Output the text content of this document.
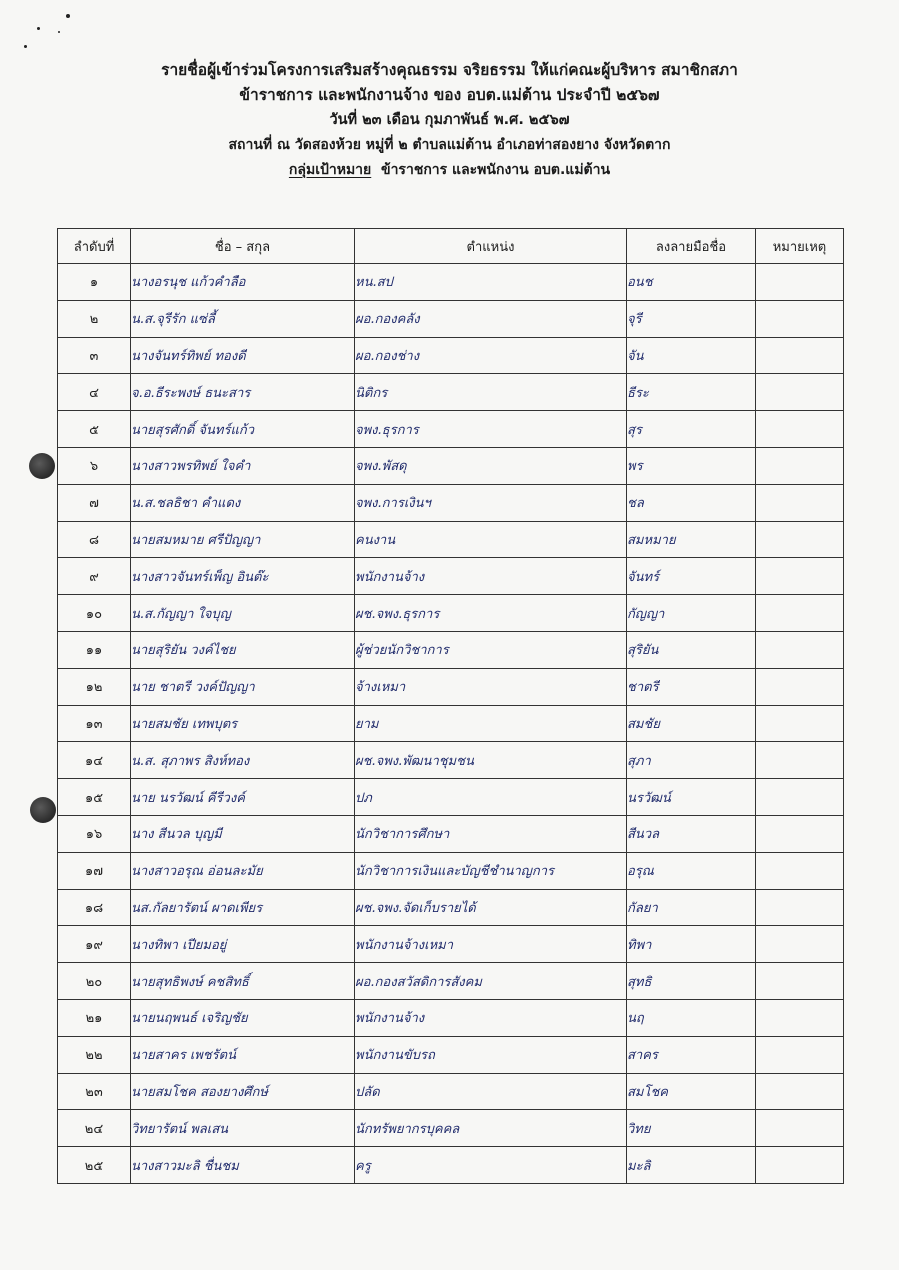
รายชื่อผู้เข้าร่วมโครงการเสริมสร้างคุณธรรม จริยธรรม ให้แก่คณะผู้บริหาร สมาชิกสภา
ข้าราชการ และพนักงานจ้าง ของ อบต.แม่ต้าน ประจำปี ๒๕๖๗
วันที่ ๒๓ เดือน กุมภาพันธ์ พ.ศ. ๒๕๖๗
สถานที่ ณ วัดสองห้วย หมู่ที่ ๒ ตำบลแม่ต้าน อำเภอท่าสองยาง จังหวัดตาก
กลุ่มเป้าหมาย ข้าราชการ และพนักงาน อบต.แม่ต้าน
ลำดับที่	ชื่อ – สกุล	ตำแหน่ง	ลงลายมือชื่อ	หมายเหตุ
๑	นางอรนุช แก้วคำลือ	หน.สป	อนช	
๒	น.ส.จุรีรัก แซ่ลี้	ผอ.กองคลัง	จุรี	
๓	นางจันทร์ทิพย์ ทองดี	ผอ.กองช่าง	จัน	
๔	จ.อ.ธีระพงษ์ ธนะสาร	นิติกร	ธีระ	
๕	นายสุรศักดิ์ จันทร์แก้ว	จพง.ธุรการ	สุร	
๖	นางสาวพรทิพย์ ใจคำ	จพง.พัสดุ	พร	
๗	น.ส.ชลธิชา คำแดง	จพง.การเงินฯ	ชล	
๘	นายสมหมาย ศรีปัญญา	คนงาน	สมหมาย	
๙	นางสาวจันทร์เพ็ญ อินต๊ะ	พนักงานจ้าง	จันทร์	
๑๐	น.ส.กัญญา ใจบุญ	ผช.จพง.ธุรการ	กัญญา	
๑๑	นายสุริยัน วงค์ไชย	ผู้ช่วยนักวิชาการ	สุริยัน	
๑๒	นาย ชาตรี วงค์ปัญญา	จ้างเหมา	ชาตรี	
๑๓	นายสมชัย เทพบุตร	ยาม	สมชัย	
๑๔	น.ส. สุภาพร สิงห์ทอง	ผช.จพง.พัฒนาชุมชน	สุภา	
๑๕	นาย นรวัฒน์ คีรีวงค์	ปภ	นรวัฒน์	
๑๖	นาง สีนวล บุญมี	นักวิชาการศึกษา	สีนวล	
๑๗	นางสาวอรุณ อ่อนละมัย	นักวิชาการเงินและบัญชีชำนาญการ	อรุณ	
๑๘	นส.กัลยารัตน์ ผาดเพียร	ผช.จพง.จัดเก็บรายได้	กัลยา	
๑๙	นางทิพา เปียมอยู่	พนักงานจ้างเหมา	ทิพา	
๒๐	นายสุทธิพงษ์ คชสิทธิ์	ผอ.กองสวัสดิการสังคม	สุทธิ	
๒๑	นายนฤพนธ์ เจริญชัย	พนักงานจ้าง	นฤ	
๒๒	นายสาคร เพชรัตน์	พนักงานขับรถ	สาคร	
๒๓	นายสมโชค สองยางศึกษ์	ปลัด	สมโชค	
๒๔	วิทยารัตน์ พลเสน	นักทรัพยากรบุคคล	วิทย	
๒๕	นางสาวมะลิ ชื่นชม	ครู	มะลิ	
